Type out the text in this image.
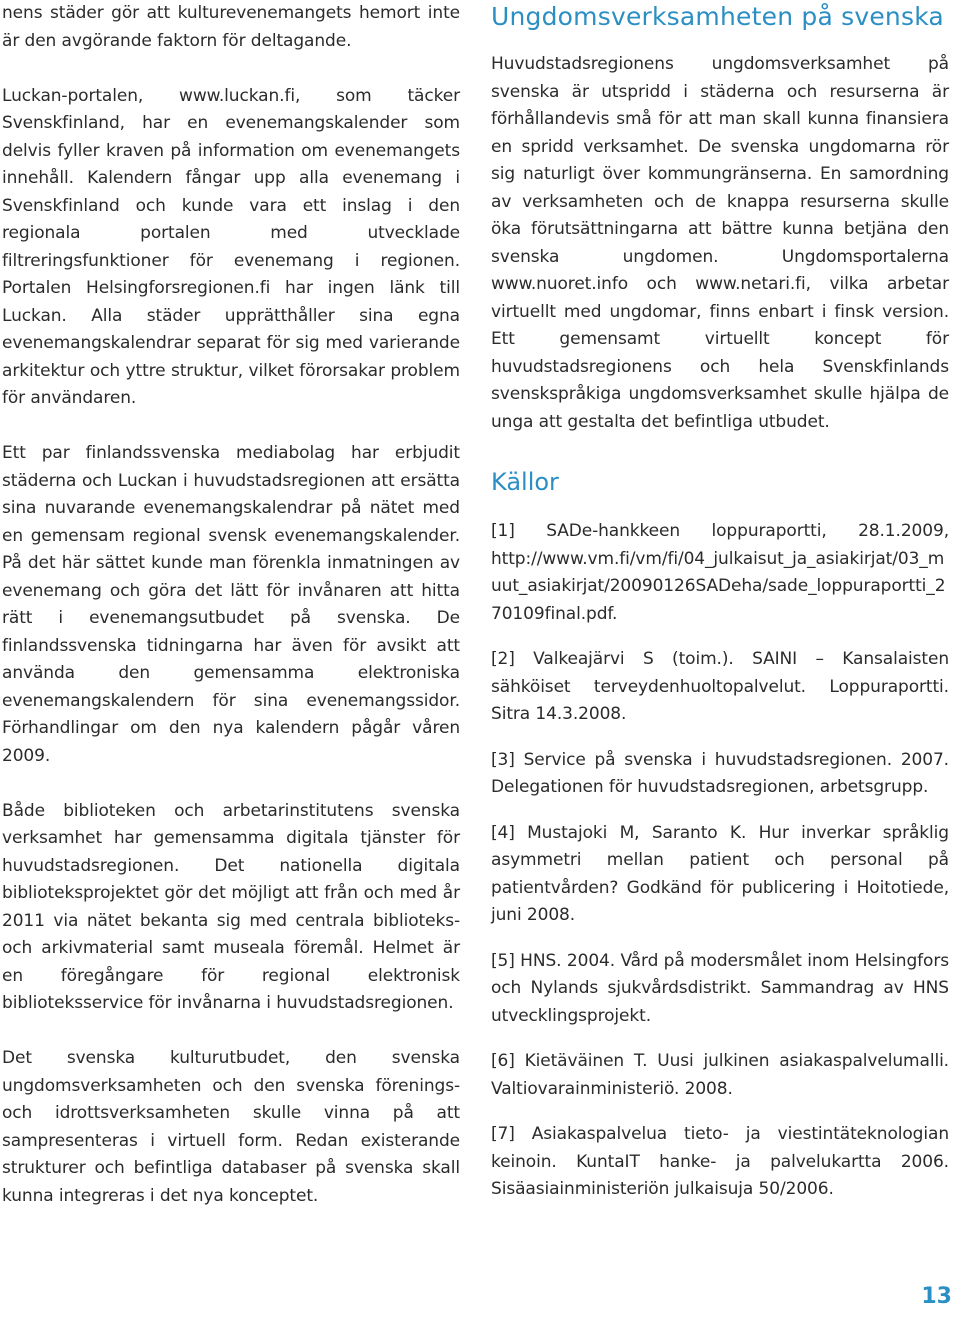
nens städer gör att kulturevenemangets hemort inte är den avgörande faktorn för deltagande.

Luckan-portalen, www.luckan.fi, som täcker Svenskfinland, har en evenemangskalender som delvis fyller kraven på information om evenemangets innehåll. Kalendern fångar upp alla evenemang i Svenskfinland och kunde vara ett inslag i den regionala portalen med utvecklade filtreringsfunktioner för evenemang i regionen. Portalen Helsingforsregionen.fi har ingen länk till Luckan. Alla städer upprätthåller sina egna evenemangskalendrar separat för sig med varierande arkitektur och yttre struktur, vilket förorsakar problem för användaren.

Ett par finlandssvenska mediabolag har erbjudit städerna och Luckan i huvudstadsregionen att ersätta sina nuvarande evenemangskalendrar på nätet med en gemensam regional svensk evenemangskalender. På det här sättet kunde man förenkla inmatningen av evenemang och göra det lätt för invånaren att hitta rätt i evenemangsutbudet på svenska. De finlandssvenska tidningarna har även för avsikt att använda den gemensamma elektroniska evenemangskalendern för sina evenemangssidor. Förhandlingar om den nya kalendern pågår våren 2009.

Både biblioteken och arbetarinstitutens svenska verksamhet har gemensamma digitala tjänster för huvudstadsregionen. Det nationella digitala biblioteksprojektet gör det möjligt att från och med år 2011 via nätet bekanta sig med centrala biblioteks- och arkivmaterial samt museala föremål. Helmet är en föregångare för regional elektronisk biblioteksservice för invånarna i huvudstadsregionen.

Det svenska kulturutbudet, den svenska ungdomsverksamheten och den svenska förenings- och idrottsverksamheten skulle vinna på att sampresenteras i virtuell form. Redan existerande strukturer och befintliga databaser på svenska skall kunna integreras i det nya konceptet.

Ungdomsverksamheten på svenska

Huvudstadsregionens ungdomsverksamhet på svenska är utspridd i städerna och resurserna är förhållandevis små för att man skall kunna finansiera en spridd verksamhet. De svenska ungdomarna rör sig naturligt över kommungränserna. En samordning av verksamheten och de knappa resurserna skulle öka förutsättningarna att bättre kunna betjäna den svenska ungdomen. Ungdomsportalerna www.nuoret.info och www.netari.fi, vilka arbetar virtuellt med ungdomar, finns enbart i finsk version. Ett gemensamt virtuellt koncept för huvudstadsregionens och hela Svenskfinlands svenskspråkiga ungdomsverksamhet skulle hjälpa de unga att gestalta det befintliga utbudet.

Källor
[1] SADe-hankkeen loppuraportti, 28.1.2009, http://www.vm.fi/vm/fi/04_julkaisut_ja_asiakirjat/03_muut_asiakirjat/20090126SADeha/sade_loppuraportti_270109final.pdf.
[2] Valkeajärvi S (toim.). SAINI – Kansalaisten sähköiset terveydenhuoltopalvelut. Loppuraportti. Sitra 14.3.2008.
[3] Service på svenska i huvudstadsregionen. 2007. Delegationen för huvudstadsregionen, arbetsgrupp.
[4] Mustajoki M, Saranto K. Hur inverkar språklig asymmetri mellan patient och personal på patientvården? Godkänd för publicering i Hoitotiede, juni 2008.
[5] HNS. 2004. Vård på modersmålet inom Helsingfors och Nylands sjukvårdsdistrikt. Sammandrag av HNS utvecklingsprojekt.
[6] Kietäväinen T. Uusi julkinen asiakaspalvelumalli. Valtiovarainministeriö. 2008.
[7] Asiakaspalvelua tieto- ja viestintäteknologian keinoin. KuntaIT hanke- ja palvelukartta 2006. Sisäasiainministeriön julkaisuja 50/2006.
13
